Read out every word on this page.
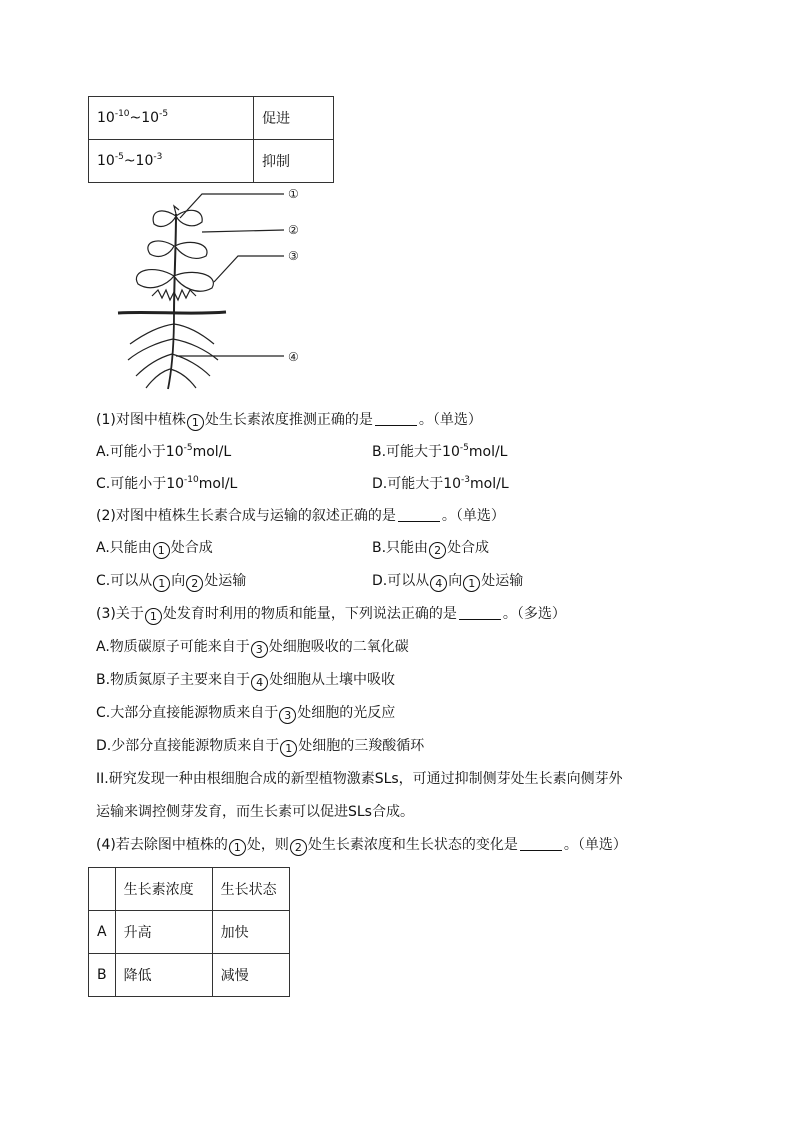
$10^{-10}\sim 10^{-5}$	促进
$10^{-5}\sim 10^{-3}$	抑制
①
②
③
④
(1)对图中植株 1 处生长素浓度推测正确的是	。（单选）
A.可能小于$10^{-5}mol/L$	B.可能大于$10^{-5}mol/L$
C.可能小于$10^{-10}mol/L$	D.可能大于$10^{-3}mol/L$
(2)对图中植株生长素合成与运输的叙述正确的是	。（单选）
A.只能由 1 处合成	B.只能由 2 处合成
C.可以从 1 向 2 处运输	D.可以从 4 向 1 处运输
(3)关于 1 处发育时利用的物质和能量，下列说法正确的是	。（多选）
A.物质碳原子可能来自于 3 处细胞吸收的二氧化碳
B.物质氮原子主要来自于 4 处细胞从土壤中吸收
C.大部分直接能源物质来自于 3 处细胞的光反应
D.少部分直接能源物质来自于 1 处细胞的三羧酸循环
II.研究发现一种由根细胞合成的新型植物激素SLs，可通过抑制侧芽处生长素向侧芽外
运输来调控侧芽发育，而生长素可以促进SLs合成。
(4)若去除图中植株的 1 处，则 2 处生长素浓度和生长状态的变化是	。（单选）
	生长素浓度	生长状态
A	升高	加快
B	降低	减慢
